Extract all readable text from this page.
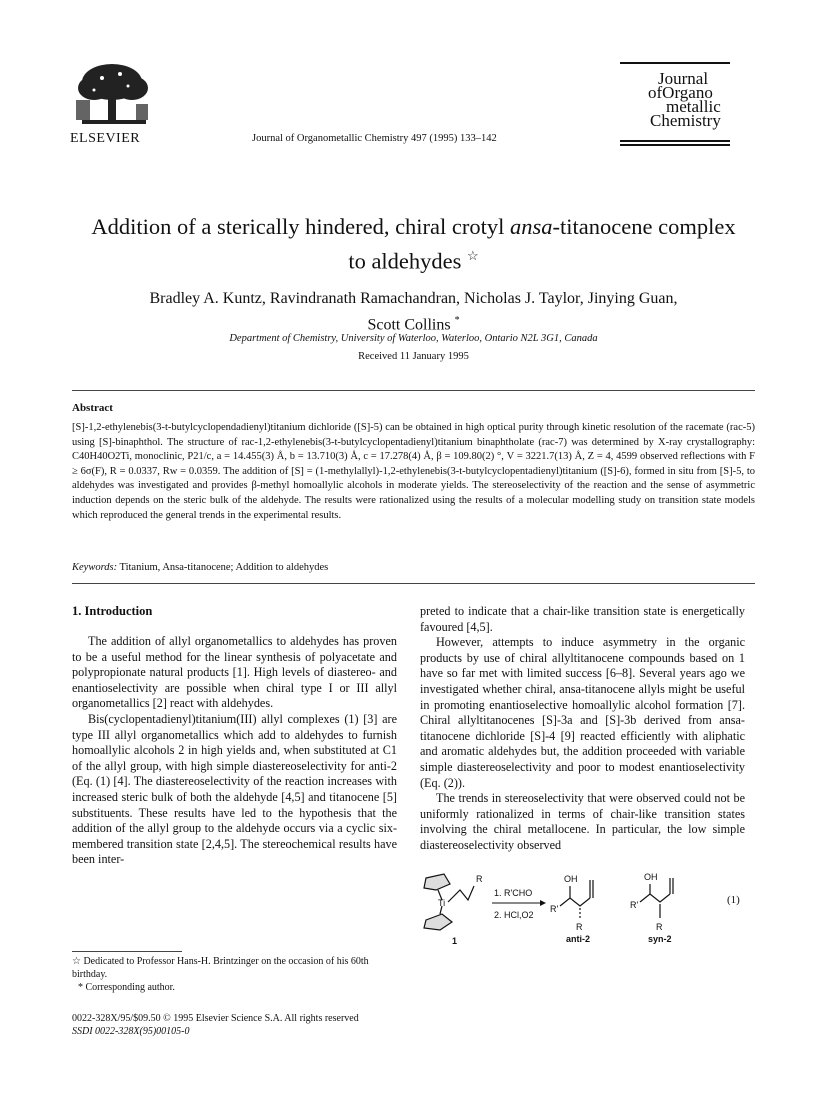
ELSEVIER	Journal of Organometallic Chemistry 497 (1995) 133–142
Journal
ofOrgano
metallic
Chemistry
Addition of a sterically hindered, chiral crotyl ansa-titanocene complex
to aldehydes ☆
Bradley A. Kuntz, Ravindranath Ramachandran, Nicholas J. Taylor, Jinying Guan,
Scott Collins *
Department of Chemistry, University of Waterloo, Waterloo, Ontario N2L 3G1, Canada
Received 11 January 1995
Abstract
[S]-1,2-ethylenebis(3-t-butylcyclopendadienyl)titanium dichloride ([S]-5) can be obtained in high optical purity through kinetic resolution of the racemate (rac-5) using [S]-binaphthol. The structure of rac-1,2-ethylenebis(3-t-butylcyclopentadienyl)titanium binaphtholate (rac-7) was determined by X-ray crystallography: C40H40O2Ti, monoclinic, P21/c, a = 14.455(3) Å, b = 13.710(3) Å, c = 17.278(4) Å, β = 109.80(2) °, V = 3221.7(13) Å, Z = 4, 4599 observed reflections with F ≥ 6σ(F), R = 0.0337, Rw = 0.0359. The addition of [S] = (1-methylallyl)-1,2-ethylenebis(3-t-butylcyclopentadienyl)titanium ([S]-6), formed in situ from [S]-5, to aldehydes was investigated and provides β-methyl homoallylic alcohols in moderate yields. The stereoselectivity of the reaction and the sense of asymmetric induction depends on the steric bulk of the aldehyde. The results were rationalized using the results of a molecular modelling study on transition state models which reproduced the general trends in the experimental results.
Keywords: Titanium, Ansa-titanocene; Addition to aldehydes
1. Introduction

The addition of allyl organometallics to aldehydes has proven to be a useful method for the linear synthesis of polyacetate and polypropionate natural products [1]. High levels of diastereo- and enantioselectivity are possible when chiral type I or III allyl organometallics [2] react with aldehydes.

Bis(cyclopentadienyl)titanium(III) allyl complexes (1) [3] are type III allyl organometallics which add to aldehydes to furnish homoallylic alcohols 2 in high yields and, when substituted at C1 of the allyl group, with high simple diastereoselectivity for anti-2 (Eq. (1) [4]. The diastereoselectivity of the reaction increases with increased steric bulk of both the aldehyde [4,5] and titanocene [5] substituents. These results have led to the hypothesis that the addition of the allyl group to the aldehyde occurs via a cyclic six-membered transition state [2,4,5]. The stereochemical results have been inter-

preted to indicate that a chair-like transition state is energetically favoured [4,5].

However, attempts to induce asymmetry in the organic products by use of chiral allyltitanocene compounds based on 1 have so far met with limited success [6–8]. Several years ago we investigated whether chiral, ansa-titanocene allyls might be useful in promoting enantioselective homoallylic alcohol formation [7]. Chiral allyltitanocenes [S]-3a and [S]-3b derived from ansa-titanocene dichloride [S]-4 [9] reacted efficiently with aliphatic and aromatic aldehydes but, the addition proceeded with variable simple diastereoselectivity and poor to modest enantioselectivity (Eq. (2)).

The trends in stereoselectivity that were observed could not be uniformly rationalized in terms of chair-like transition states involving the chiral metallocene. In particular, the low simple diastereoselectivity observed

Ti
R
1
1. R'CHO
2. HCl,O2
OH
R'
R
anti-2
OH
R'
R
syn-2
(1)
☆ Dedicated to Professor Hans-H. Brintzinger on the occasion of his 60th birthday.
* Corresponding author.
0022-328X/95/$09.50 © 1995 Elsevier Science S.A. All rights reserved
SSDI 0022-328X(95)00105-0
